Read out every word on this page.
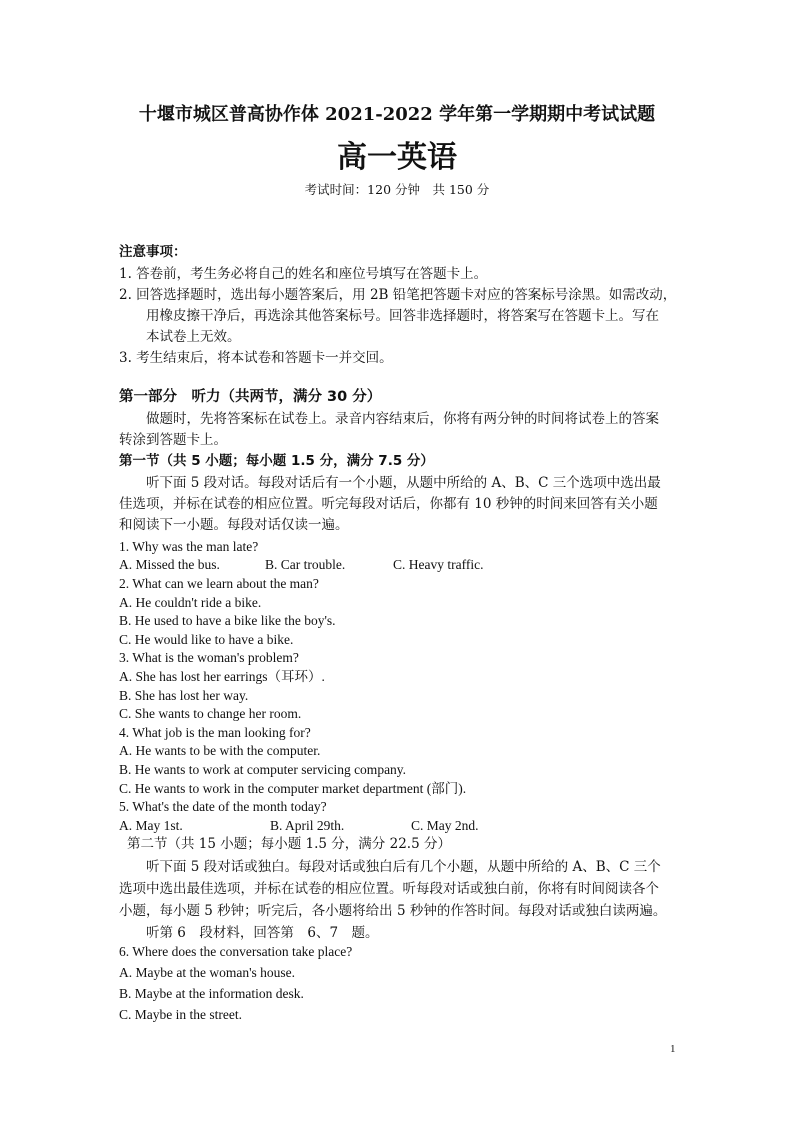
十堰市城区普高协作体 2021-2022 学年第一学期期中考试试题
高一英语
考试时间：120 分钟　共 150 分
注意事项：
1. 答卷前，考生务必将自己的姓名和座位号填写在答题卡上。
2. 回答选择题时，选出每小题答案后，用 2B 铅笔把答题卡对应的答案标号涂黑。如需改动，
用橡皮擦干净后，再选涂其他答案标号。回答非选择题时，将答案写在答题卡上。写在
本试卷上无效。
3. 考生结束后，将本试卷和答题卡一并交回。
第一部分　听力（共两节，满分 30 分）
做题时，先将答案标在试卷上。录音内容结束后，你将有两分钟的时间将试卷上的答案
转涂到答题卡上。
第一节（共 5 小题；每小题 1.5 分，满分 7.5 分）
听下面 5 段对话。每段对话后有一个小题，从题中所给的 A、B、C 三个选项中选出最
佳选项，并标在试卷的相应位置。听完每段对话后，你都有 10 秒钟的时间来回答有关小题
和阅读下一小题。每段对话仅读一遍。
1. Why was the man late?
A. Missed the bus.	B. Car trouble.	C. Heavy traffic.
2. What can we learn about the man?
A. He couldn't ride a bike.
B. He used to have a bike like the boy's.
C. He would like to have a bike.
3. What is the woman's problem?
A. She has lost her earrings（耳环）.
B. She has lost her way.
C. She wants to change her room.
4. What job is the man looking for?
A. He wants to be with the computer.
B. He wants to work at computer servicing company.
C. He wants to work in the computer market department (部门).
5. What's the date of the month today?
A. May 1st.	B. April 29th.	C. May 2nd.
第二节（共 15 小题；每小题 1.5 分，满分 22.5 分）
听下面 5 段对话或独白。每段对话或独白后有几个小题，从题中所给的 A、B、C 三个
选项中选出最佳选项，并标在试卷的相应位置。听每段对话或独白前，你将有时间阅读各个
小题，每小题 5 秒钟；听完后，各小题将给出 5 秒钟的作答时间。每段对话或独白读两遍。
听第 6　段材料，回答第　6、7　题。
6. Where does the conversation take place?
A. Maybe at the woman's house.
B. Maybe at the information desk.
C. Maybe in the street.
1
